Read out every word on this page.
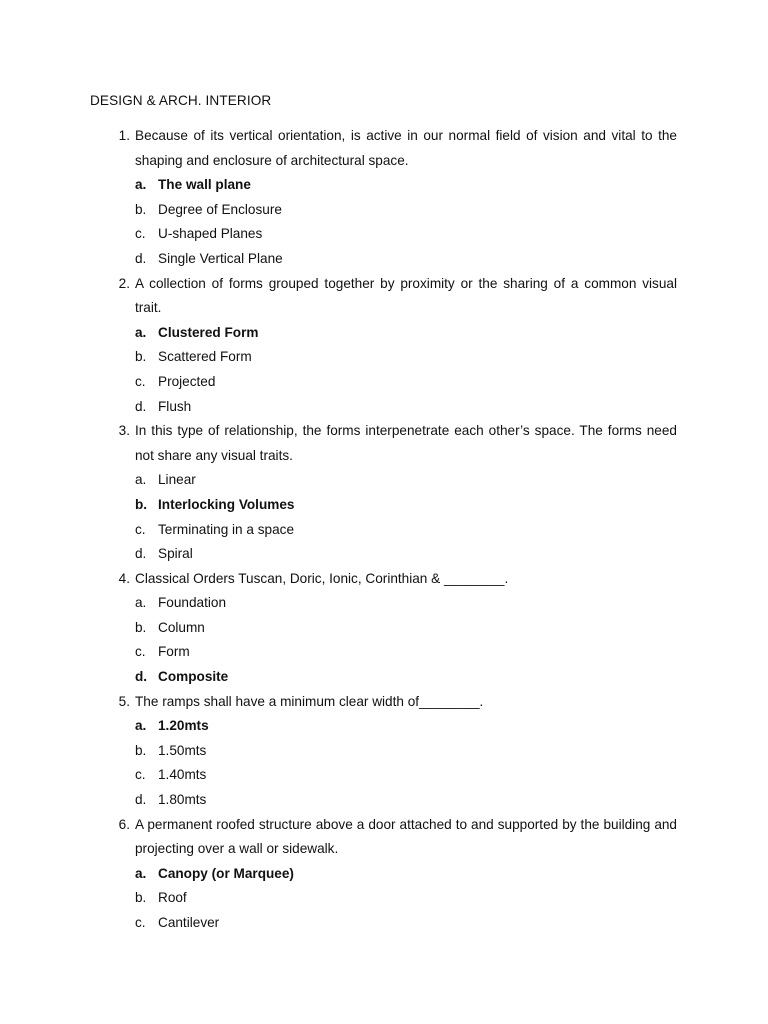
DESIGN & ARCH. INTERIOR
1. Because of its vertical orientation, is active in our normal field of vision and vital to the shaping and enclosure of architectural space.
a. The wall plane
b. Degree of Enclosure
c. U-shaped Planes
d. Single Vertical Plane
2. A collection of forms grouped together by proximity or the sharing of a common visual trait.
a. Clustered Form
b. Scattered Form
c. Projected
d. Flush
3. In this type of relationship, the forms interpenetrate each other’s space. The forms need not share any visual traits.
a. Linear
b. Interlocking Volumes
c. Terminating in a space
d. Spiral
4. Classical Orders Tuscan, Doric, Ionic, Corinthian & ________.
a. Foundation
b. Column
c. Form
d. Composite
5. The ramps shall have a minimum clear width of________.
a. 1.20mts
b. 1.50mts
c. 1.40mts
d. 1.80mts
6. A permanent roofed structure above a door attached to and supported by the building and projecting over a wall or sidewalk.
a. Canopy (or Marquee)
b. Roof
c. Cantilever
